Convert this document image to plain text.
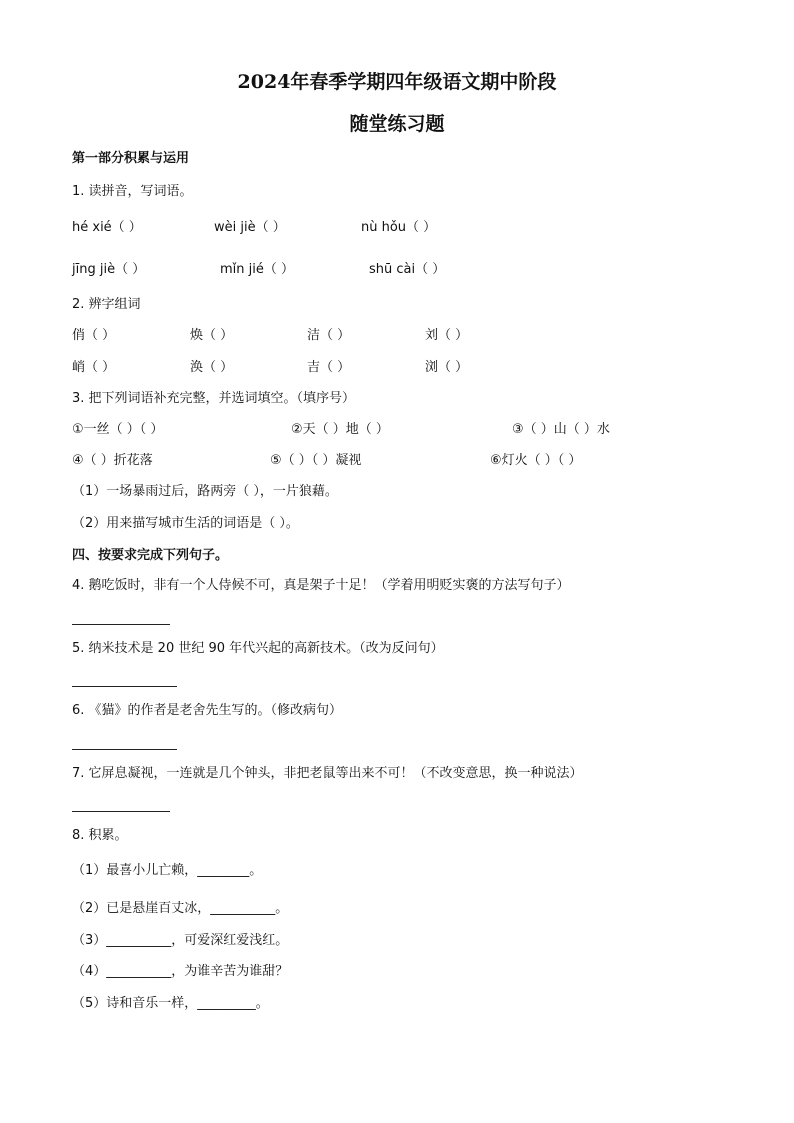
2024年春季学期四年级语文期中阶段
随堂练习题
第一部分积累与运用
1. 读拼音，写词语。
hé xié（ ）	wèi jiè（ ）	nù hǒu（ ）
jīng jiè（ ）	mǐn jié（ ）	shū cài（ ）
2. 辨字组词
俏（ ）	焕（ ）	洁（ ）	刘（ ）
峭（ ）	涣（ ）	吉（ ）	浏（ ）
3. 把下列词语补充完整，并选词填空。（填序号）
①一丝（ ）（ ）	②天（ ）地（ ）	③（ ）山（ ）水
④（ ）折花落	⑤（ ）（ ）凝视	⑥灯火（ ）（ ）
（1）一场暴雨过后，路两旁（ ），一片狼藉。
（2）用来描写城市生活的词语是（ ）。
四、按要求完成下列句子。
4. 鹅吃饭时，非有一个人侍候不可，真是架子十足！（学着用明贬实褒的方法写句子）
5. 纳米技术是 20 世纪 90 年代兴起的高新技术。（改为反问句）
6. 《猫》的作者是老舍先生写的。（修改病句）
7. 它屏息凝视，一连就是几个钟头，非把老鼠等出来不可！（不改变意思，换一种说法）
8. 积累。
（1）最喜小儿亡赖，________。
（2）已是悬崖百丈冰，__________。
（3）__________，可爱深红爱浅红。
（4）__________，为谁辛苦为谁甜？
（5）诗和音乐一样，_________。
